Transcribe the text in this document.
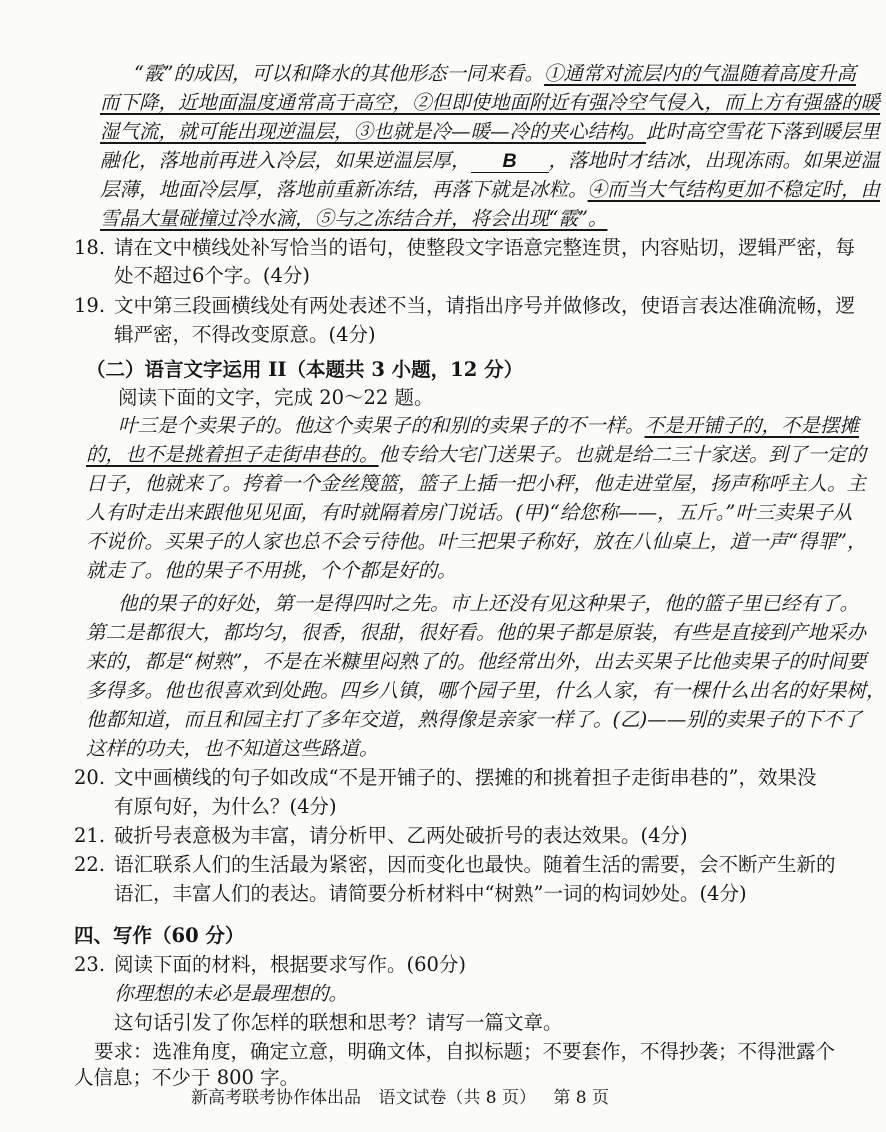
“霰”的成因，可以和降水的其他形态一同来看。①通常对流层内的气温随着高度升高

而下降，近地面温度通常高于高空，②但即使地面附近有强冷空气侵入，而上方有强盛的暖

湿气流，就可能出现逆温层，③也就是冷—暖—冷的夹心结构。此时高空雪花下落到暖层里

融化，落地前再进入冷层，如果逆温层厚， B ，落地时才结冰，出现冻雨。如果逆温

层薄，地面冷层厚，落地前重新冻结，再落下就是冰粒。④而当大气结构更加不稳定时，由

雪晶大量碰撞过冷水滴，⑤与之冻结合并，将会出现“霰”。

18. 请在文中横线处补写恰当的语句，使整段文字语意完整连贯，内容贴切，逻辑严密，每

处不超过6个字。(4分)

19. 文中第三段画横线处有两处表述不当，请指出序号并做修改，使语言表达准确流畅，逻

辑严密，不得改变原意。(4分)

（二）语言文字运用 II（本题共 3 小题，12 分）

阅读下面的文字，完成 20～22 题。

叶三是个卖果子的。他这个卖果子的和别的卖果子的不一样。不是开铺子的，不是摆摊

的，也不是挑着担子走街串巷的。他专给大宅门送果子。也就是给二三十家送。到了一定的

日子，他就来了。挎着一个金丝篾篮，篮子上插一把小秤，他走进堂屋，扬声称呼主人。主

人有时走出来跟他见见面，有时就隔着房门说话。(甲)“给您称——，五斤。”叶三卖果子从

不说价。买果子的人家也总不会亏待他。叶三把果子称好，放在八仙桌上，道一声“得罪”，

就走了。他的果子不用挑，个个都是好的。

他的果子的好处，第一是得四时之先。市上还没有见这种果子，他的篮子里已经有了。

第二是都很大，都均匀，很香，很甜，很好看。他的果子都是原装，有些是直接到产地采办

来的，都是“树熟”，不是在米糠里闷熟了的。他经常出外，出去买果子比他卖果子的时间要

多得多。他也很喜欢到处跑。四乡八镇，哪个园子里，什么人家，有一棵什么出名的好果树，

他都知道，而且和园主打了多年交道，熟得像是亲家一样了。(乙)——别的卖果子的下不了

这样的功夫，也不知道这些路道。

20. 文中画横线的句子如改成“不是开铺子的、摆摊的和挑着担子走街串巷的”，效果没

有原句好，为什么？(4分)

21. 破折号表意极为丰富，请分析甲、乙两处破折号的表达效果。(4分)

22. 语汇联系人们的生活最为紧密，因而变化也最快。随着生活的需要，会不断产生新的

语汇，丰富人们的表达。请简要分析材料中“树熟”一词的构词妙处。(4分)

四、写作（60 分）

23. 阅读下面的材料，根据要求写作。(60分)

你理想的未必是最理想的。

这句话引发了你怎样的联想和思考？请写一篇文章。

要求：选准角度，确定立意，明确文体，自拟标题；不要套作，不得抄袭；不得泄露个

人信息；不少于 800 字。

新高考联考协作体出品 语文试卷（共 8 页） 第 8 页
